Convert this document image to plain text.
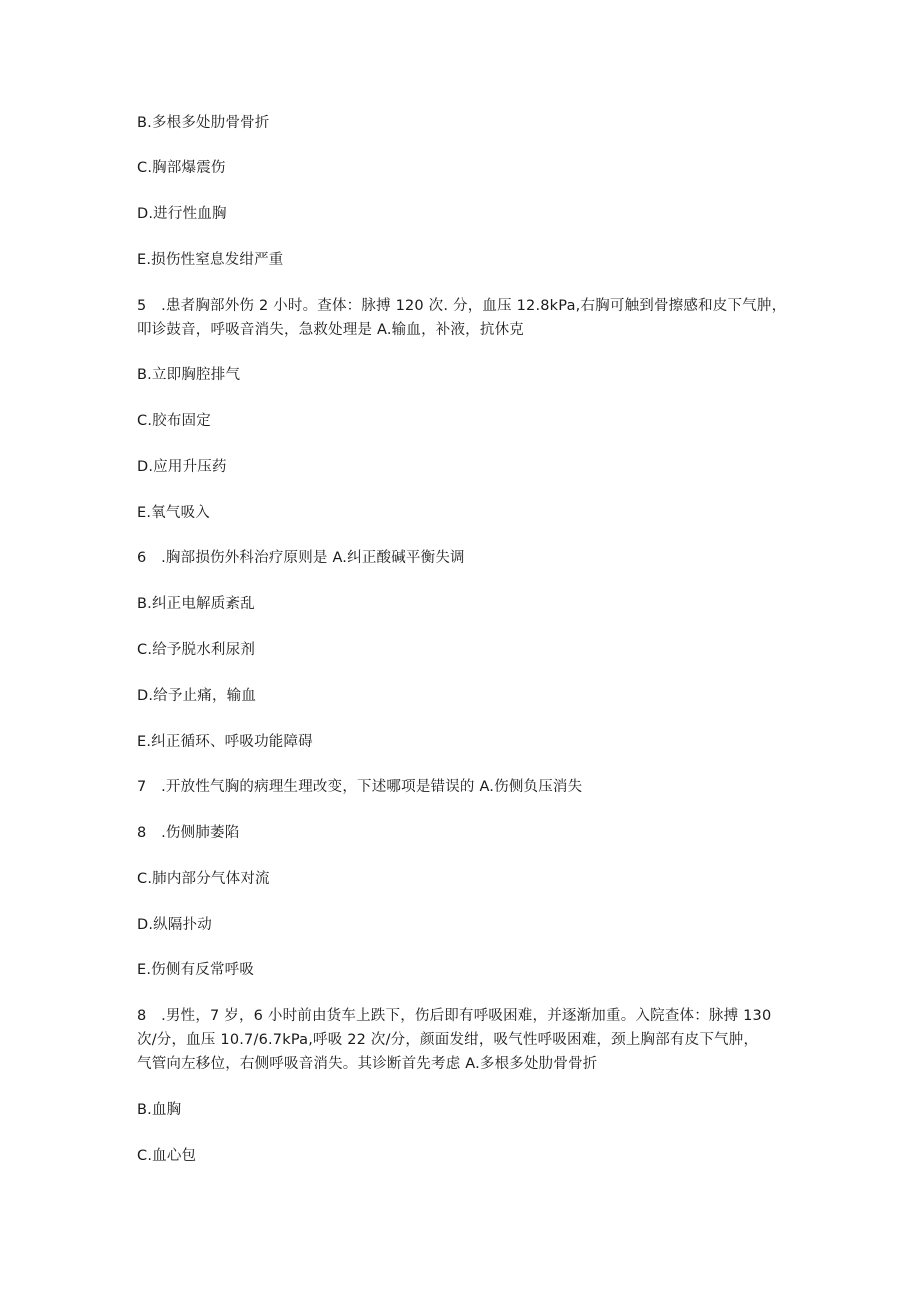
B.多根多处肋骨骨折
C.胸部爆震伤
D.进行性血胸
E.损伤性窒息发绀严重
5　.患者胸部外伤 2 小时。查体：脉搏 120 次. 分，血压 12.8kPa,右胸可触到骨擦感和皮下气肿，
叩诊鼓音，呼吸音消失，急救处理是 A.输血，补液，抗休克
B.立即胸腔排气
C.胶布固定
D.应用升压药
E.氧气吸入
6　.胸部损伤外科治疗原则是 A.纠正酸碱平衡失调
B.纠正电解质紊乱
C.给予脱水利尿剂
D.给予止痛，输血
E.纠正循环、呼吸功能障碍
7　.开放性气胸的病理生理改变，下述哪项是错误的 A.伤侧负压消失
8　.伤侧肺萎陷
C.肺内部分气体对流
D.纵隔扑动
E.伤侧有反常呼吸
8　.男性，7 岁，6 小时前由货车上跌下，伤后即有呼吸困难，并逐渐加重。入院查体：脉搏 130
次/分，血压 10.7/6.7kPa,呼吸 22 次/分，颜面发绀，吸气性呼吸困难，颈上胸部有皮下气肿，
气管向左移位，右侧呼吸音消失。其诊断首先考虑 A.多根多处肋骨骨折
B.血胸
C.血心包
